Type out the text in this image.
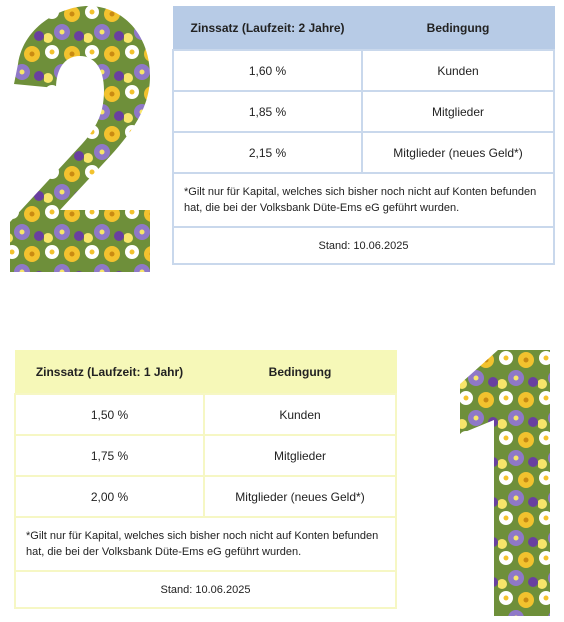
Zinssatz (Laufzeit: 2 Jahre)	Bedingung
1,60 %	Kunden
1,85 %	Mitglieder
2,15 %	Mitglieder (neues Geld*)
*Gilt nur für Kapital, welches sich bisher noch nicht auf Konten befunden hat, die bei der Volksbank Düte-Ems eG geführt wurden.	
Stand: 10.06.2025	
Zinssatz (Laufzeit: 1 Jahr)	Bedingung
1,50 %	Kunden
1,75 %	Mitglieder
2,00 %	Mitglieder (neues Geld*)
*Gilt nur für Kapital, welches sich bisher noch nicht auf Konten befunden hat, die bei der Volksbank Düte-Ems eG geführt wurden.	
Stand: 10.06.2025	
